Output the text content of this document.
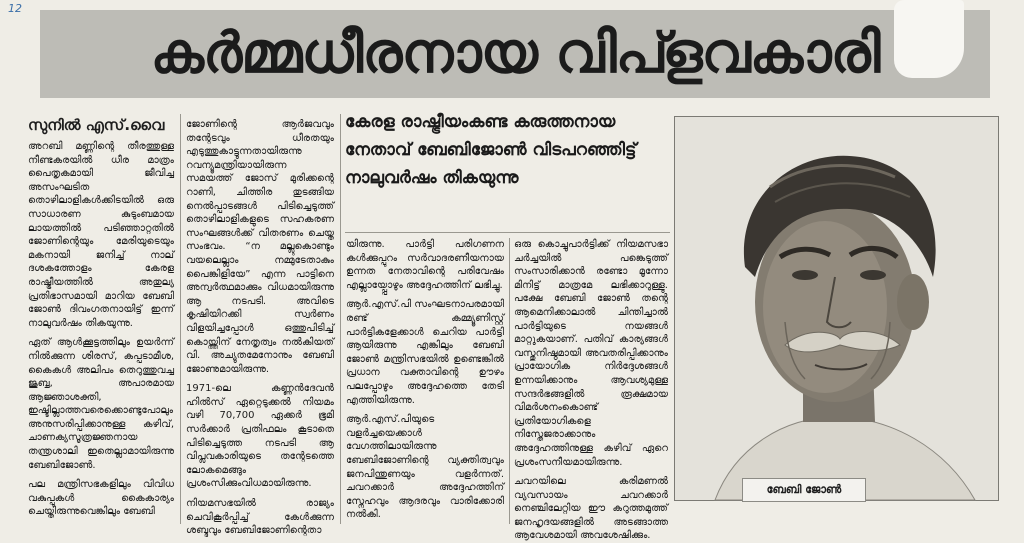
കർമ്മധീരനായ വിപ്ളവകാരി
12
സുനിൽ എസ്.വൈ

അറബി മണ്ണിന്റെ തീരത്തുള്ള നീണ്ടകരയിൽ ധീര മാത്രം പൈതൃകമായി ജീവിച്ച അസംഘടിത തൊഴിലാളികൾക്കിടയിൽ ഒരു സാധാരണ കുടുംബമായ ലായത്തിൽ പടിഞ്ഞാറ്റതിൽ ജോണിന്റെയും മേരിയുടെയും മകനായി ജനിച്ച് നാല് ദശകത്തോളം കേരള രാഷ്ട്രീയത്തിൽ അതുല്യ പ്രതിഭാസമായി മാറിയ ബേബി ജോൺ ദിവംഗതനായിട്ട് ഇന്ന് നാലുവർഷം തികയുന്നു.

ഏത് ആൾക്കൂട്ടത്തിലും ഉയർന്ന് നിൽക്കുന്ന ശിരസ്, കപ്പടാമീശ, കൈകൾ അലിപം തെറുത്തുവച്ച ജുബ്ബ, അപാരമായ ആജ്ഞാശക്തി, ഇഷ്ടില്ലാത്തവരെക്കൊണ്ടുപോലും അനുസരിപ്പിക്കാനുള്ള കഴിവ്, ചാണക്യസൂത്രജ്ഞനായ തന്ത്രശാലി ഇതെല്ലാമായിരുന്നു ബേബിജോൺ.

പല മന്ത്രിസഭകളിലും വിവിധ വകുപ്പുകൾ കൈകാര്യം ചെയ്തിരുന്നുവെങ്കിലും ബേബി

ജോണിന്റെ ആർജവവും തന്റേടവും ധീരതയും എടുത്തുകാട്ടുന്നതായിരുന്നു റവന്യൂമന്ത്രിയായിരുന്ന സമയത്ത് ജോസ് മുരിക്കന്റെ റാണി, ചിത്തിര തുടങ്ങിയ നെൽപ്പാടങ്ങൾ പിടിച്ചെടുത്ത് തൊഴിലാളികളുടെ സഹകരണ സംഘങ്ങൾക്ക് വിതരണം ചെയ്ത സംഭവം. “ന മല്ലുകൊണ്ടും വയലെല്ലാം നമ്മുടേതാകും പൈങ്കിളിയേ” എന്ന പാട്ടിനെ അന്വർത്ഥമാക്കും വിധമായിരുന്നു ആ നടപടി. അവിടെ കൃഷിയിറക്കി സ്വർണം വിളയിച്ചപ്പോൾ ഒത്തുപിടിച്ച് കൊയ്ത്തിന് നേതൃത്വം നൽകിയത് വി. അച്യുതമേനോനും ബേബി ജോണുമായിരുന്നു.

1971-ലെ കണ്ണൻദേവൻ ഹിൽസ് ഏറ്റെടുക്കൽ നിയമം വഴി 70,700 ഏക്കർ ഭൂമി സർക്കാർ പ്രതിഫലം കൂടാതെ പിടിച്ചെടുത്ത നടപടി ആ വിപ്ലവകാരിയുടെ തന്റേടത്തെ ലോകമെങ്ങും പ്രശംസിക്കുംവിധമായിരുന്നു.

നിയമസഭയിൽ രാജ്യം ചെവികൂർപ്പിച്ച് കേൾക്കുന്ന ശബ്ദവും ബേബിജോണിന്റെതാ

കേരള രാഷ്ട്രീയംകണ്ട കരുത്തനായ നേതാവ് ബേബിജോൺ വിടപറഞ്ഞിട്ട് നാലുവർഷം തികയുന്നു

യിരുന്നു. പാർട്ടി പരിഗണന കൾക്കുപ്പുറം സർവാദരണീയനായ ഉന്നത നേതാവിന്റെ പരിവേഷം എല്ലായ്പ്പോഴും അദ്ദേഹത്തിന് ലഭിച്ചു.

ആർ.എസ്.പി സംഘടനാപരമായി രണ്ട് കമ്മ്യൂണിസ്റ്റ് പാർട്ടികളേക്കാൾ ചെറിയ പാർട്ടി ആയിരുന്നു എങ്കിലും ബേബി ജോൺ മന്ത്രിസഭയിൽ ഉണ്ടെങ്കിൽ പ്രധാന വക്താവിന്റെ ഊഴം പലപ്പോഴും അദ്ദേഹത്തെ തേടി എത്തിയിരുന്നു.

ആർ.എസ്.പിയുടെ വളർച്ചയെക്കാൾ വേഗത്തിലായിരുന്നു ബേബിജോണിന്റെ വ്യക്തിത്വവും ജനപിന്തുണയും വളർന്നത്. ചവറക്കാർ അദ്ദേഹത്തിന് സ്നേഹവും ആദരവും വാരിക്കോരി നൽകി.

ഒരു കൊച്ചുപാർട്ടിക്ക് നിയമസഭാ ചർച്ചയിൽ പങ്കെടുത്ത് സംസാരിക്കാൻ രണ്ടോ മൂന്നോ മിനിട്ട് മാത്രമേ ലഭിക്കാറുള്ളു. പക്ഷേ ബേബി ജോൺ തന്റെ ആമെനിക്കാലാൽ ചിന്തിച്ചാൽ പാർട്ടിയുടെ നയങ്ങൾ മാറ്റുകയാണ്. പതിവ് കാര്യങ്ങൾ വസ്തുനിഷ്ഠമായി അവതരിപ്പിക്കാനും പ്രായോഗിക നിർദ്ദേശങ്ങൾ ഉന്നയിക്കാനും ആവശ്യമുള്ള സന്ദർഭങ്ങളിൽ രൂക്ഷമായ വിമർശനംകൊണ്ട് പ്രതിയോഗികളെ നിസ്തേജരാക്കാനും അദ്ദേഹത്തിനുള്ള കഴിവ് ഏറെ പ്രശംസനീയമായിരുന്നു.

ചവറയിലെ കരിമണൽ വ്യവസായം ചവറക്കാർ നെഞ്ചിലേറ്റിയ ഈ കറുത്തമുത്ത് ജനഹൃദയങ്ങളിൽ അടങ്ങാത്ത ആവേശമായി അവശേഷിക്കും.

ബേബി ജോൺ
